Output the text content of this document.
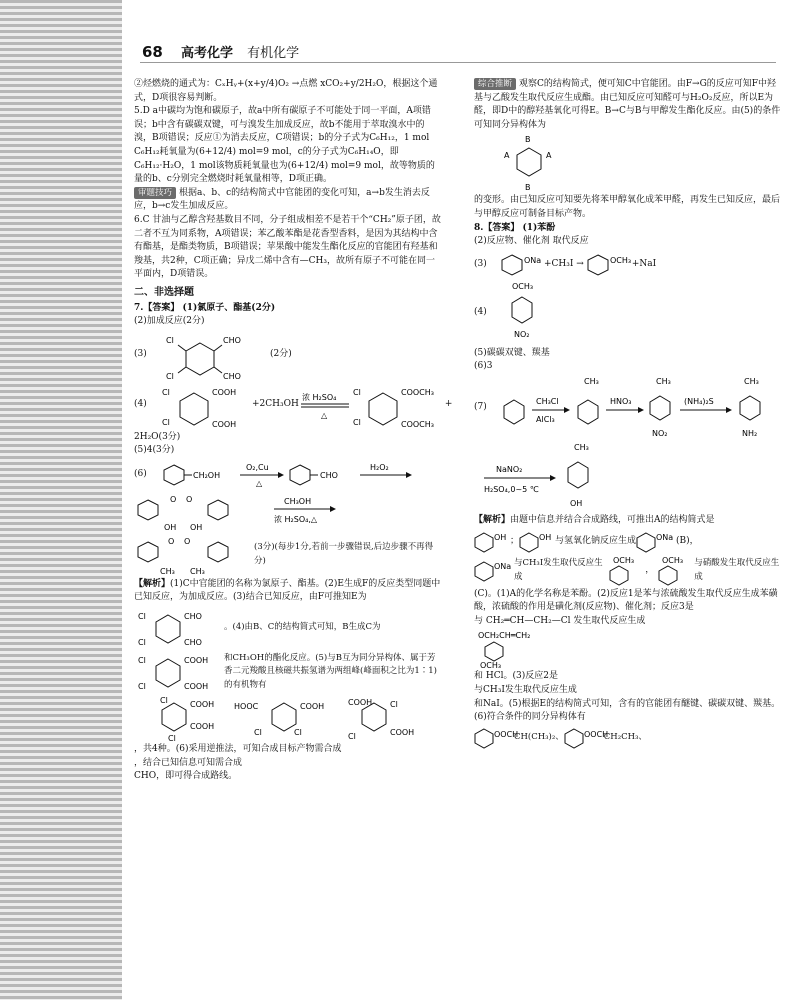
68 高考化学 有机化学

②烃燃烧的通式为：CₓHᵧ+(x+y/4)O₂ →点燃 xCO₂+y/2H₂O，根据这个通式，D项很容易判断。

5.D a中碳均为饱和碳原子，故a中所有碳原子不可能处于同一平面，A项错误；b中含有碳碳双键，可与溴发生加成反应，故b不能用于萃取溴水中的溴，B项错误；反应①为消去反应，C项错误；b的分子式为C₆H₁₂，1 mol C₆H₁₂耗氧量为(6+12/4) mol=9 mol，c的分子式为C₆H₁₄O，即C₆H₁₂·H₂O，1 mol该物质耗氧量也为(6+12/4) mol=9 mol，故等物质的量的b、c分别完全燃烧时耗氧量相等，D项正确。

审题技巧 根据a、b、c的结构简式中官能团的变化可知，a→b发生消去反应，b→c发生加成反应。

6.C 甘油与乙醇含羟基数目不同，分子组成相差不是若干个“CH₂”原子团，故二者不互为同系物，A项错误；苯乙酸苯酯是花香型香料，是因为其结构中含有酯基，是酯类物质，B项错误；苹果酸中能发生酯化反应的官能团有羟基和羧基，共2种，C项正确；异戊二烯中含有—CH₃，故所有原子不可能在同一平面内，D项错误。

二、非选择题

7.【答案】 (1)氯原子、酯基(2分)

(2)加成反应(2分)

(3)
Cl
Cl
CHO
CHO
(2分)
(4)
Cl
Cl
COOH
COOH
+2CH₃OH
浓 H₂SO₄
△
Cl
Cl
COOCH₃
COOCH₃
+

2H₂O(3分)

(5)4(3分)

(6)	CH₂OH
O₂,Cu
△
CHO
H₂O₂
O O
OH OH
CH₃OH
浓 H₂SO₄,△
O O
CH₃ CH₃
(3分)(每步1分,若前一步骤错误,后边步骤不再得分)

【解析】(1)C中官能团的名称为氯原子、酯基。(2)E生成F的反应类型同题中已知反应，为加成反应。(3)结合已知反应，由F可推知E为

Cl
Cl
CHO
CHO
。(4)由B、C的结构简式可知，B生成C为
Cl
Cl
COOH
COOH
和CH₃OH的酯化反应。(5)与B互为同分异构体、属于芳香二元羧酸且核磁共振氢谱为两组峰(峰面积之比为1∶1)的有机物有
Cl	COOH
COOH
Cl
HOOC	COOH
Cl	Cl
COOH Cl
Cl	COOH

，共4种。(6)采用逆推法，可知合成目标产物需合成

，结合已知信息可知需合成

CHO，即可得合成路线。

综合推断 观察C的结构简式，便可知C中官能团。由F→G的反应可知F中羟基与乙酸发生取代反应生成酯。由已知反应可知醛可与H₂O₂反应，所以E为醛，即D中的醇羟基氧化可得E。B→C与B与甲醇发生酯化反应。由(5)的条件可知同分异构体为

B
A	A
B

的变形。由已知反应可知要先将苯甲醇氧化成苯甲醛，再发生已知反应，最后与甲醇反应可制备目标产物。

8.【答案】 (1)苯酚

(2)反应物、催化剂 取代反应

(3)	ONa +CH₃I →	OCH₃ +NaI
(4)
OCH₃
NO₂

(5)碳碳双键、羰基

(6)3

(7)
CH₃Cl
AlCl₃
CH₃
HNO₃
CH₃
NO₂
(NH₄)₂S
CH₃
NH₂
NaNO₂
H₂SO₄,0~5 ℃
CH₃
OH

【解析】由题中信息并结合合成路线，可推出A的结构简式是

OH ；	OH 与氢氧化钠反应生成	ONa (B)，
ONa 与CH₃I发生取代反应生成
OCH₃
，
OCH₃ 与硝酸发生取代反应生成

(C)。(1)A的化学名称是苯酚。(2)反应1是苯与浓硫酸发生取代反应生成苯磺酸，浓硫酸的作用是磺化剂(反应物)、催化剂；反应3是

与 CH₂═CH—CH₂—Cl 发生取代反应生成

OCH₂CH═CH₂
OCH₃

和 HCl。(3)反应2是

与CH₃I发生取代反应生成

和NaI。(5)根据E的结构简式可知，含有的官能团有醚键、碳碳双键、羰基。(6)符合条件的同分异构体有

OOCH
CH(CH₃)₂、	OOCH
CH₂CH₃、
